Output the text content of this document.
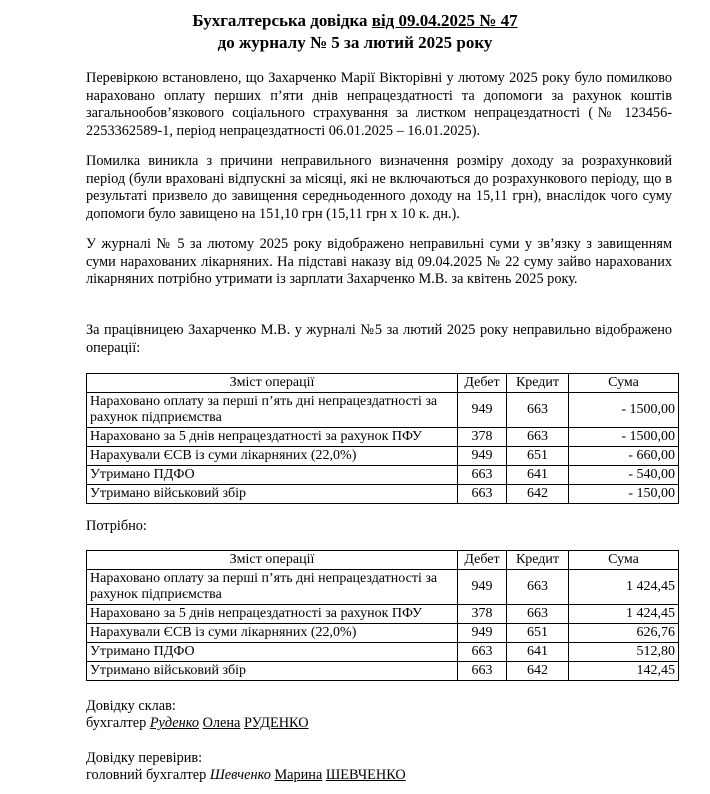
Бухгалтерська довідка від 09.04.2025 № 47
до журналу № 5 за лютий 2025 року

Перевіркою встановлено, що Захарченко Марії Вікторівні у лютому 2025 року було помилково нараховано оплату перших п’яти днів непрацездатності та допомоги за рахунок коштів загальнообов’язкового соціального страхування за листком непрацездатності (№ 123456-2253362589-1, період непрацездатності 06.01.2025 – 16.01.2025).

Помилка виникла з причини неправильного визначення розміру доходу за розрахунковий період (були враховані відпускні за місяці, які не включаються до розрахункового періоду, що в результаті призвело до завищення середньоденного доходу на 15,11 грн), внаслідок чого суму допомоги було завищено на 151,10 грн (15,11 грн х 10 к. дн.).

У журналі № 5 за лютому 2025 року відображено неправильні суми у зв’язку з завищенням суми нарахованих лікарняних. На підставі наказу від 09.04.2025 № 22 суму зайво нарахованих лікарняних потрібно утримати із зарплати Захарченко М.В. за квітень 2025 року.

За працівницею Захарченко М.В. у журналі №5 за лютий 2025 року неправильно відображено операції:

Зміст операції	Дебет	Кредит	Сума
Нараховано оплату за перші п’ять дні непрацездатності за рахунок підприємства	949	663	- 1500,00
Нараховано за 5 днів непрацездатності за рахунок ПФУ	378	663	- 1500,00
Нарахували ЄСВ із суми лікарняних (22,0%)	949	651	- 660,00
Утримано ПДФО	663	641	- 540,00
Утримано військовий збір	663	642	- 150,00
Потрібно:
Зміст операції	Дебет	Кредит	Сума
Нараховано оплату за перші п’ять дні непрацездатності за рахунок підприємства	949	663	1 424,45
Нараховано за 5 днів непрацездатності за рахунок ПФУ	378	663	1 424,45
Нарахували ЄСВ із суми лікарняних (22,0%)	949	651	626,76
Утримано ПДФО	663	641	512,80
Утримано військовий збір	663	642	142,45
Довідку склав:
бухгалтер Руденко Олена РУДЕНКО
Довідку перевірив:
головний бухгалтер Шевченко Марина ШЕВЧЕНКО
